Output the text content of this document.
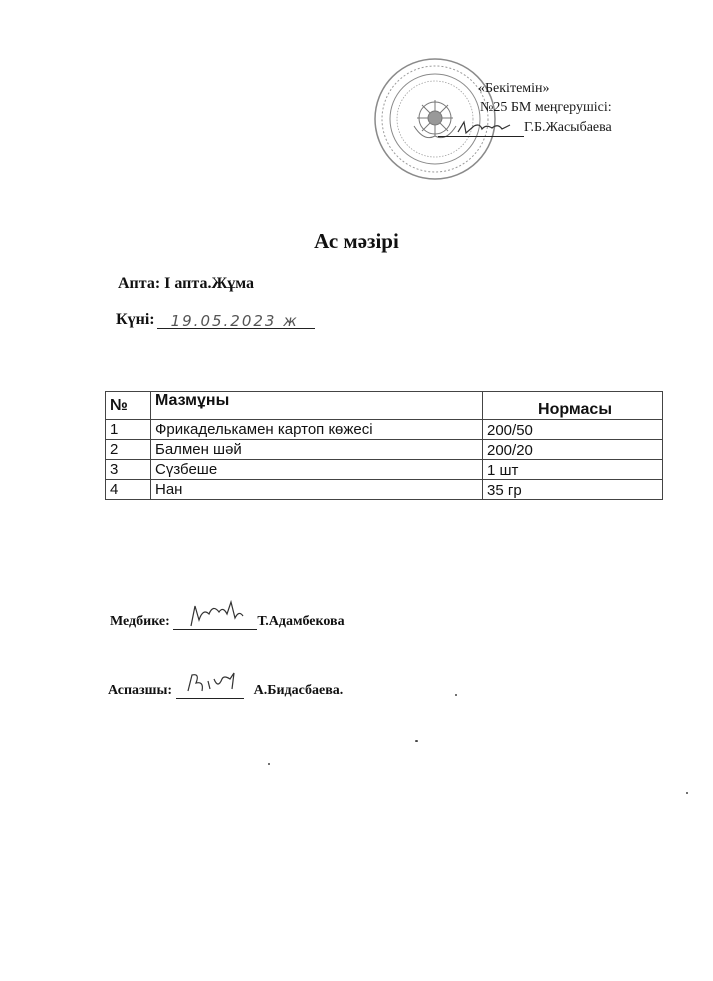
«Бекітемін»
№25 БМ меңгерушісі:
Г.Б.Жасыбаева
Ас мәзірі
Апта: I апта.Жұма
Күні: 19.05.2023 ж
№	Мазмұны	Нормасы
1	Фрикаделькамен картоп көжесі	200/50
2	Балмен шәй	200/20
3	Сүзбеше	1 шт
4	Нан	35 гр
Медбике:	Т.Адамбекова
Аспазшы:	А.Бидасбаева.
